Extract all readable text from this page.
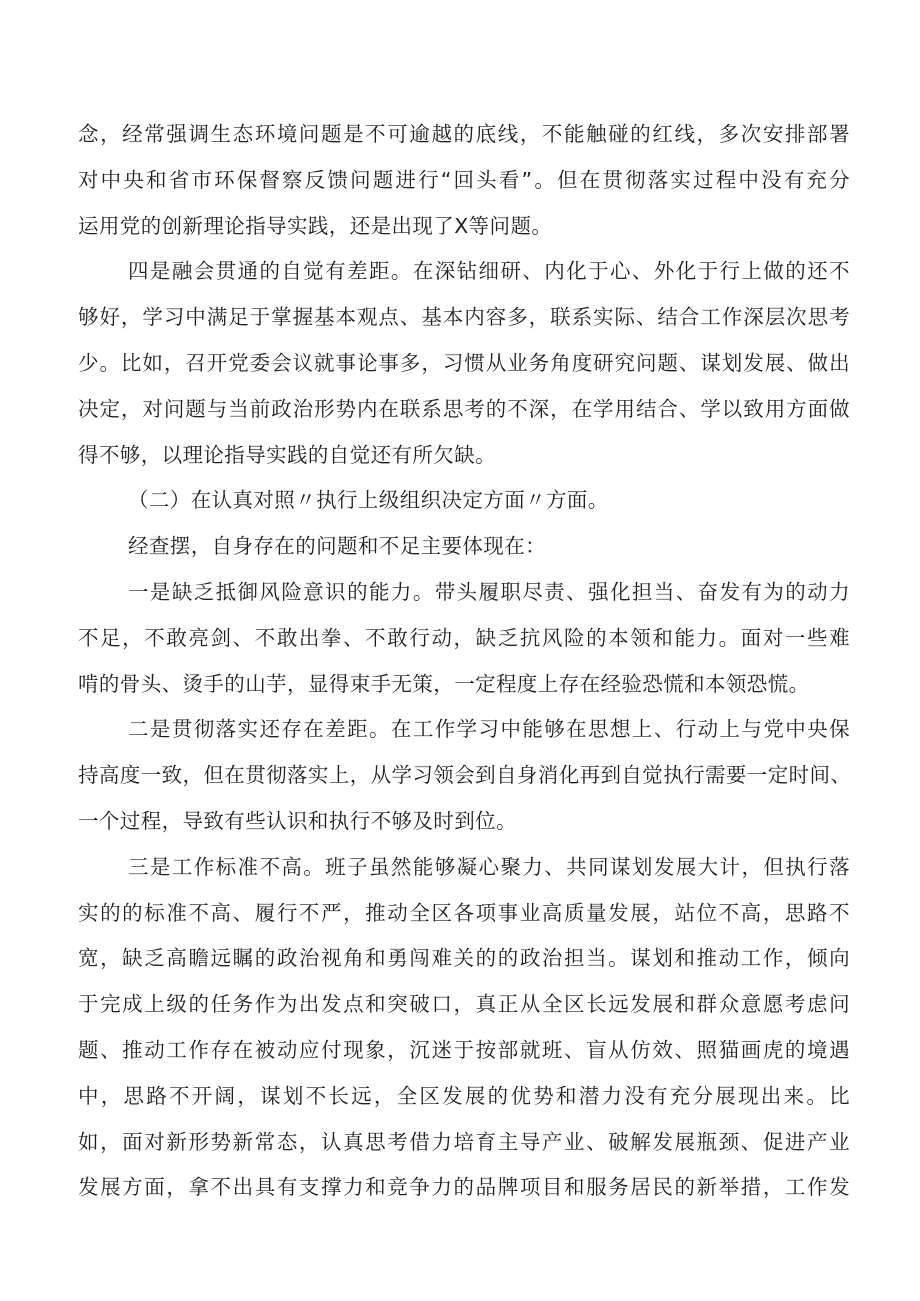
念，经常强调生态环境问题是不可逾越的底线，不能触碰的红线，多次安排部署
对中央和省市环保督察反馈问题进行“回头看”。但在贯彻落实过程中没有充分
运用党的创新理论指导实践，还是出现了X等问题。
四是融会贯通的自觉有差距。在深钻细研、内化于心、外化于行上做的还不
够好，学习中满足于掌握基本观点、基本内容多，联系实际、结合工作深层次思考
少。比如，召开党委会议就事论事多，习惯从业务角度研究问题、谋划发展、做出
决定，对问题与当前政治形势内在联系思考的不深，在学用结合、学以致用方面做
得不够，以理论指导实践的自觉还有所欠缺。
（二）在认真对照〃执行上级组织决定方面〃方面。
经查摆，自身存在的问题和不足主要体现在：
一是缺乏抵御风险意识的能力。带头履职尽责、强化担当、奋发有为的动力
不足，不敢亮剑、不敢出拳、不敢行动，缺乏抗风险的本领和能力。面对一些难
啃的骨头、烫手的山芋，显得束手无策，一定程度上存在经验恐慌和本领恐慌。
二是贯彻落实还存在差距。在工作学习中能够在思想上、行动上与党中央保
持高度一致，但在贯彻落实上，从学习领会到自身消化再到自觉执行需要一定时间、
一个过程，导致有些认识和执行不够及时到位。
三是工作标准不高。班子虽然能够凝心聚力、共同谋划发展大计，但执行落
实的的标准不高、履行不严，推动全区各项事业高质量发展，站位不高，思路不
宽，缺乏高瞻远瞩的政治视角和勇闯难关的的政治担当。谋划和推动工作，倾向
于完成上级的任务作为出发点和突破口，真正从全区长远发展和群众意愿考虑问
题、推动工作存在被动应付现象，沉迷于按部就班、盲从仿效、照猫画虎的境遇
中，思路不开阔，谋划不长远，全区发展的优势和潜力没有充分展现出来。比
如，面对新形势新常态，认真思考借力培育主导产业、破解发展瓶颈、促进产业
发展方面，拿不出具有支撑力和竞争力的品牌项目和服务居民的新举措，工作发
